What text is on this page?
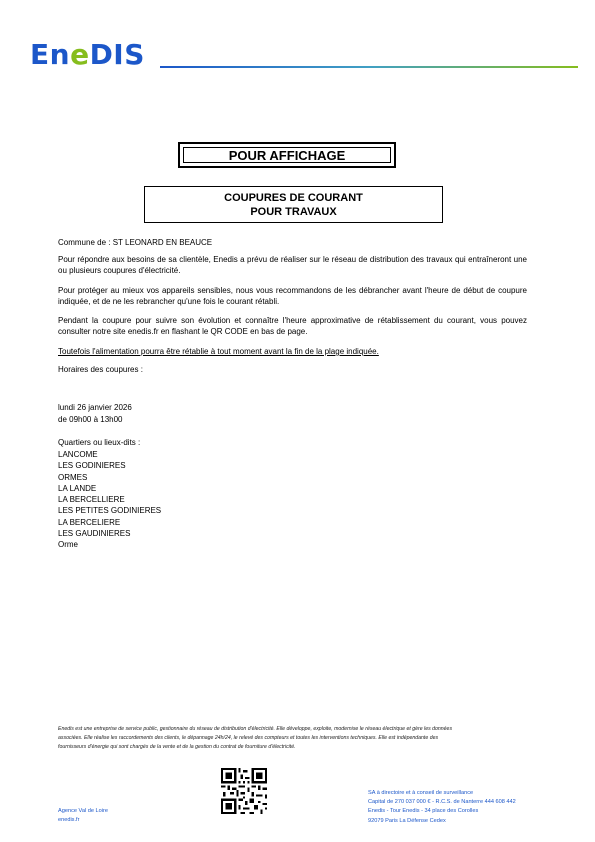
EneDIS
POUR AFFICHAGE
COUPURES DE COURANT
POUR TRAVAUX
Commune de : ST LEONARD EN BEAUCE
Pour répondre aux besoins de sa clientèle, Enedis a prévu de réaliser sur le réseau de distribution des travaux qui entraîneront une ou plusieurs coupures d'électricité.
Pour protéger au mieux vos appareils sensibles, nous vous recommandons de les débrancher avant l'heure de début de coupure indiquée, et de ne les rebrancher qu'une fois le courant rétabli.
Pendant la coupure pour suivre son évolution et connaître l'heure approximative de rétablissement du courant, vous pouvez consulter notre site enedis.fr en flashant le QR CODE en bas de page.
Toutefois l'alimentation pourra être rétablie à tout moment avant la fin de la plage indiquée.
Horaires des coupures :
lundi 26 janvier 2026
de 09h00 à 13h00
Quartiers ou lieux-dits :
LANCOME
LES GODINIERES
ORMES
LA LANDE
LA BERCELLIERE
LES PETITES GODINIERES
LA BERCELIERE
LES GAUDINIERES
Orme
Enedis est une entreprise de service public, gestionnaire du réseau de distribution d'électricité. Elle développe, exploite, modernise le réseau électrique et gère les données
associées. Elle réalise les raccordements des clients, le dépannage 24h/24, le relevé des compteurs et toutes les interventions techniques. Elle est indépendante des
fournisseurs d'énergie qui sont chargés de la vente et de la gestion du contrat de fourniture d'électricité.
Agence Val de Loire
enedis.fr
SA à directoire et à conseil de surveillance
Capital de 270 037 000 € - R.C.S. de Nanterre 444 608 442
Enedis - Tour Enedis - 34 place des Corolles
92079 Paris La Défense Cedex
